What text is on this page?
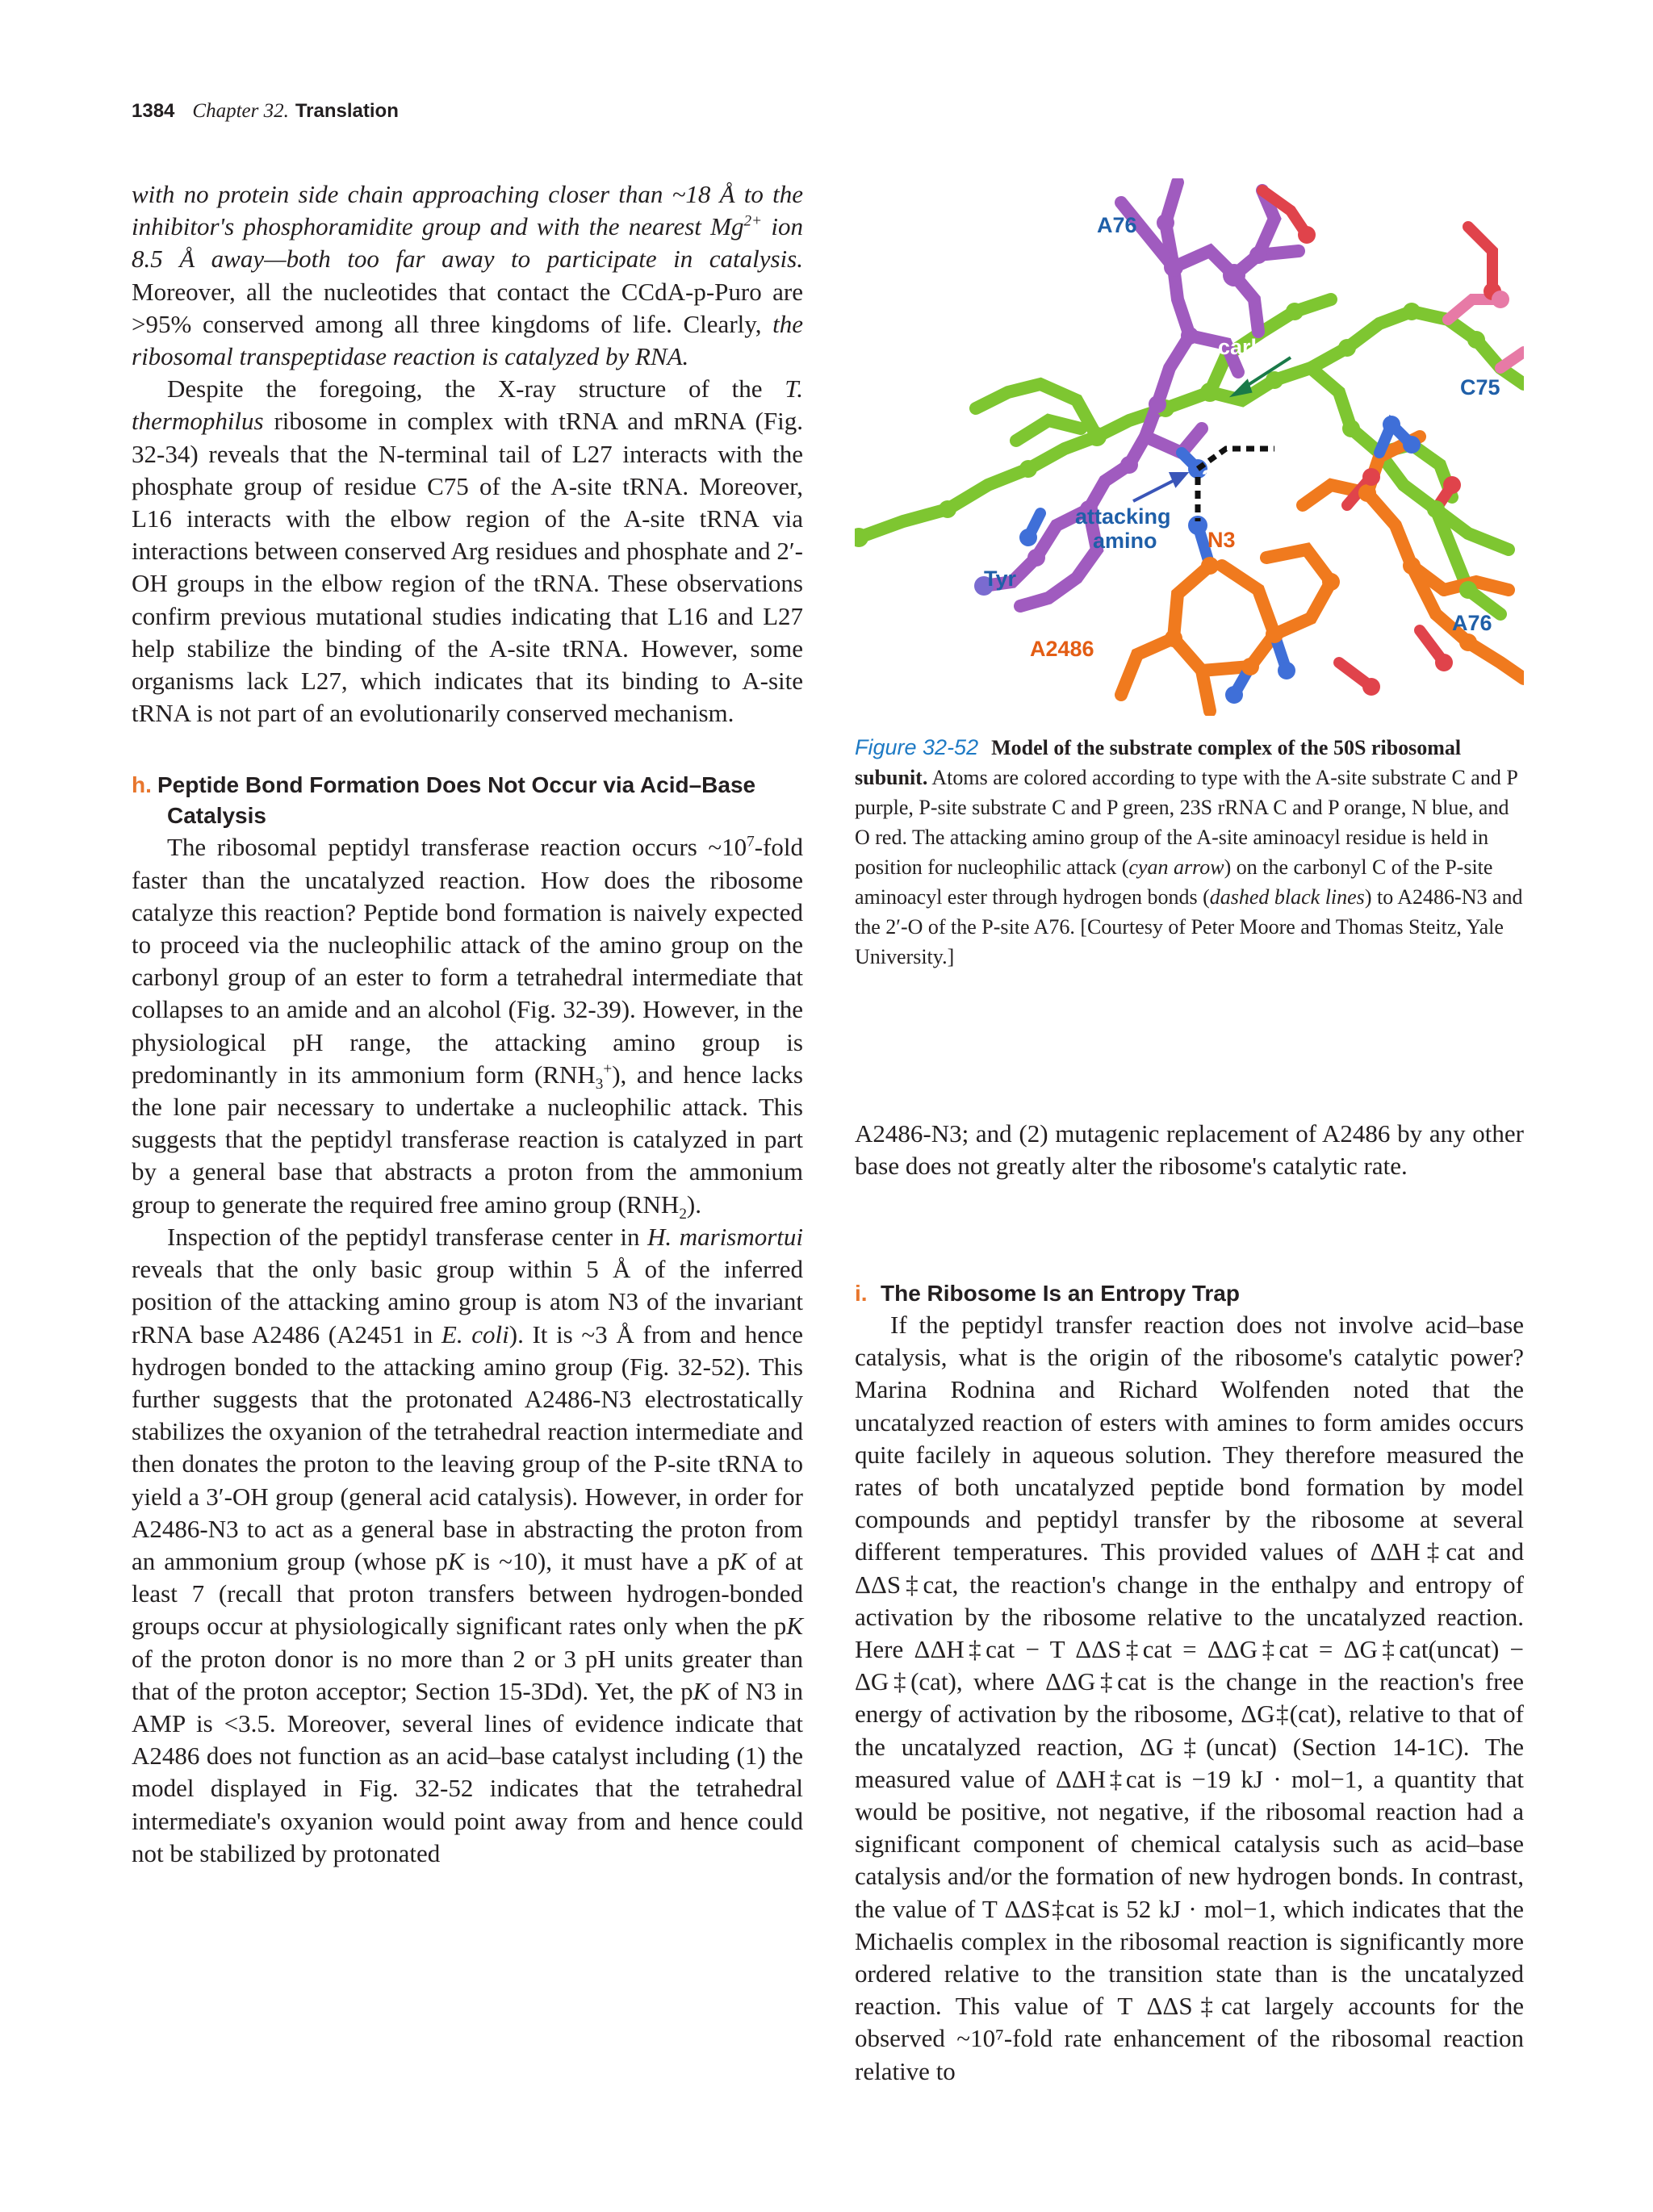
1384 Chapter 32. Translation

with no protein side chain approaching closer than ~18 Å to the inhibitor's phosphoramidite group and with the nearest $Mg^{2+}$ ion 8.5 Å away—both too far away to participate in catalysis. Moreover, all the nucleotides that contact the CCdA-p-Puro are >95% conserved among all three kingdoms of life. Clearly, the ribosomal transpeptidase reaction is catalyzed by RNA.

Despite the foregoing, the X-ray structure of the T. thermophilus ribosome in complex with tRNA and mRNA (Fig. 32-34) reveals that the N-terminal tail of L27 interacts with the phosphate group of residue C75 of the A-site tRNA. Moreover, L16 interacts with the elbow region of the A-site tRNA via interactions between conserved Arg residues and phosphate and 2′-OH groups in the elbow region of the tRNA. These observations confirm previous mutational studies indicating that L16 and L27 help stabilize the binding of the A-site tRNA. However, some organisms lack L27, which indicates that its binding to A-site tRNA is not part of an evolutionarily conserved mechanism.

h. Peptide Bond Formation Does Not Occur via Acid–Base Catalysis

The ribosomal peptidyl transferase reaction occurs $\sim 10^7$-fold faster than the uncatalyzed reaction. How does the ribosome catalyze this reaction? Peptide bond formation is naively expected to proceed via the nucleophilic attack of the amino group on the carbonyl group of an ester to form a tetrahedral intermediate that collapses to an amide and an alcohol (Fig. 32-39). However, in the physiological pH range, the attacking amino group is predominantly in its ammonium form $(RNH_3^+)$, and hence lacks the lone pair necessary to undertake a nucleophilic attack. This suggests that the peptidyl transferase reaction is catalyzed in part by a general base that abstracts a proton from the ammonium group to generate the required free amino group $(RNH_2)$.

Inspection of the peptidyl transferase center in H. marismortui reveals that the only basic group within 5 Å of the inferred position of the attacking amino group is atom N3 of the invariant rRNA base A2486 (A2451 in E. coli). It is ~3 Å from and hence hydrogen bonded to the attacking amino group (Fig. 32-52). This further suggests that the protonated A2486-N3 electrostatically stabilizes the oxyanion of the tetrahedral reaction intermediate and then donates the proton to the leaving group of the P-site tRNA to yield a 3′-OH group (general acid catalysis). However, in order for A2486-N3 to act as a general base in abstracting the proton from an ammonium group (whose pK is ~10), it must have a pK of at least 7 (recall that proton transfers between hydrogen-bonded groups occur at physiologically significant rates only when the pK of the proton donor is no more than 2 or 3 pH units greater than that of the proton acceptor; Section 15-3Dd). Yet, the pK of N3 in AMP is <3.5. Moreover, several lines of evidence indicate that A2486 does not function as an acid–base catalyst including (1) the model displayed in Fig. 32-52 indicates that the tetrahedral intermediate's oxyanion would point away from and hence could not be stabilized by protonated

A76
carbonyl
Phe
C75
2′ OH
attacking
amino N3
Tyr
A76
A2486
Figure 32-52 Model of the substrate complex of the 50S ribosomal subunit. Atoms are colored according to type with the A-site substrate C and P purple, P-site substrate C and P green, 23S rRNA C and P orange, N blue, and O red. The attacking amino group of the A-site aminoacyl residue is held in position for nucleophilic attack (cyan arrow) on the carbonyl C of the P-site aminoacyl ester through hydrogen bonds (dashed black lines) to A2486-N3 and the 2′-O of the P-site A76. [Courtesy of Peter Moore and Thomas Steitz, Yale University.]

A2486-N3; and (2) mutagenic replacement of A2486 by any other base does not greatly alter the ribosome's catalytic rate.

i. The Ribosome Is an Entropy Trap

If the peptidyl transfer reaction does not involve acid–base catalysis, what is the origin of the ribosome's catalytic power? Marina Rodnina and Richard Wolfenden noted that the uncatalyzed reaction of esters with amines to form amides occurs quite facilely in aqueous solution. They therefore measured the rates of both uncatalyzed peptide bond formation by model compounds and peptidyl transfer by the ribosome at several different temperatures. This provided values of ΔΔH‡cat and ΔΔS‡cat, the reaction's change in the enthalpy and entropy of activation by the ribosome relative to the uncatalyzed reaction. Here ΔΔH‡cat − T ΔΔS‡cat = ΔΔG‡cat = ΔG‡cat(uncat) − ΔG‡(cat), where ΔΔG‡cat is the change in the reaction's free energy of activation by the ribosome, ΔG‡(cat), relative to that of the uncatalyzed reaction, ΔG‡(uncat) (Section 14-1C). The measured value of ΔΔH‡cat is −19 kJ · mol−1, a quantity that would be positive, not negative, if the ribosomal reaction had a significant component of chemical catalysis such as acid–base catalysis and/or the formation of new hydrogen bonds. In contrast, the value of T ΔΔS‡cat is 52 kJ · mol−1, which indicates that the Michaelis complex in the ribosomal reaction is significantly more ordered relative to the transition state than is the uncatalyzed reaction. This value of T ΔΔS‡cat largely accounts for the observed ~10⁷-fold rate enhancement of the ribosomal reaction relative to
